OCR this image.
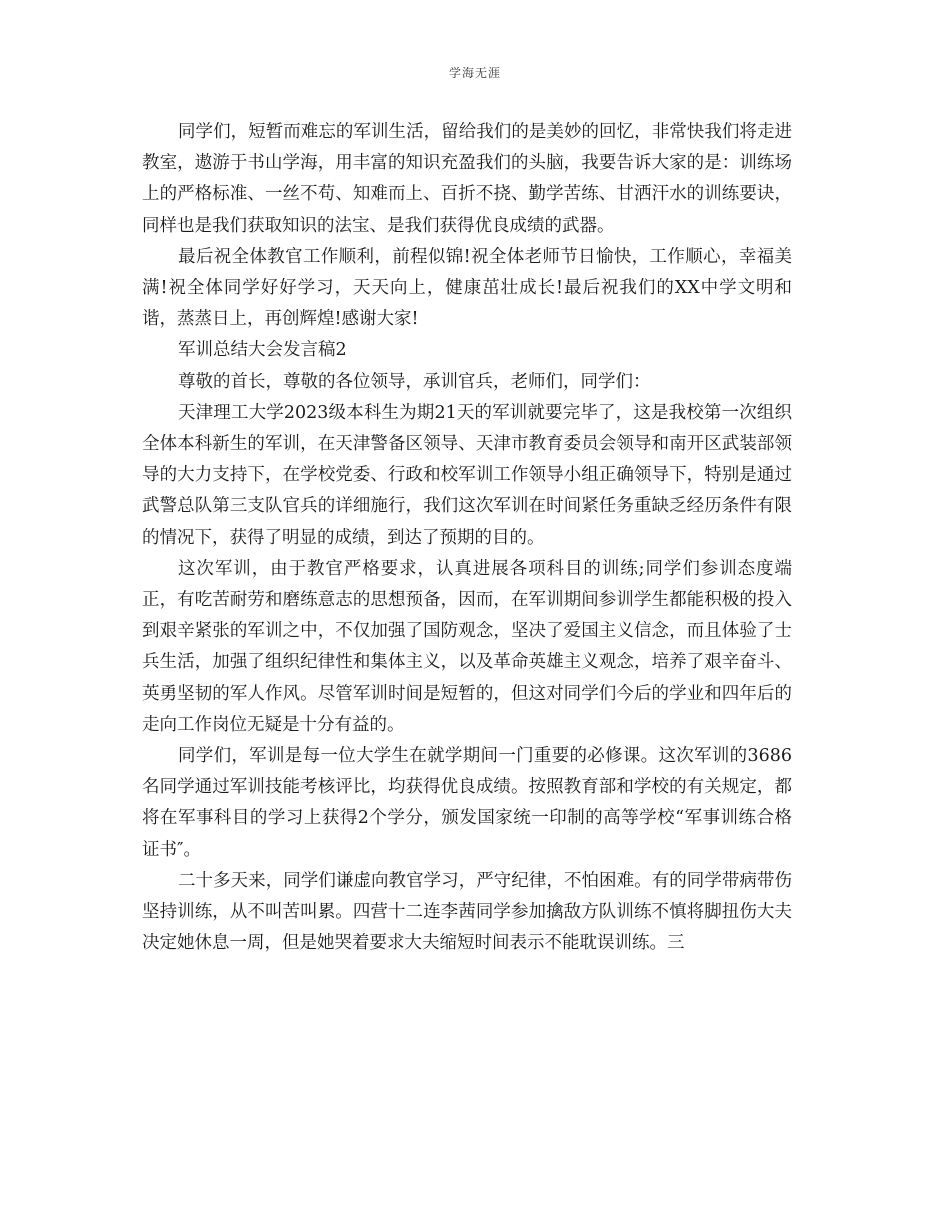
学海无涯

同学们，短暂而难忘的军训生活，留给我们的是美妙的回忆，非常快我们将走进教室，遨游于书山学海，用丰富的知识充盈我们的头脑，我要告诉大家的是：训练场上的严格标准、一丝不苟、知难而上、百折不挠、勤学苦练、甘洒汗水的训练要诀，同样也是我们获取知识的法宝、是我们获得优良成绩的武器。

最后祝全体教官工作顺利，前程似锦!祝全体老师节日愉快，工作顺心，幸福美满!祝全体同学好好学习，天天向上，健康茁壮成长!最后祝我们的XX中学文明和谐，蒸蒸日上，再创辉煌!感谢大家!

军训总结大会发言稿2

尊敬的首长，尊敬的各位领导，承训官兵，老师们，同学们：

天津理工大学2023级本科生为期21天的军训就要完毕了，这是我校第一次组织全体本科新生的军训，在天津警备区领导、天津市教育委员会领导和南开区武装部领导的大力支持下，在学校党委、行政和校军训工作领导小组正确领导下，特别是通过武警总队第三支队官兵的详细施行，我们这次军训在时间紧任务重缺乏经历条件有限的情况下，获得了明显的成绩，到达了预期的目的。

这次军训，由于教官严格要求，认真进展各项科目的训练;同学们参训态度端正，有吃苦耐劳和磨练意志的思想预备，因而，在军训期间参训学生都能积极的投入到艰辛紧张的军训之中，不仅加强了国防观念，坚决了爱国主义信念，而且体验了士兵生活，加强了组织纪律性和集体主义，以及革命英雄主义观念，培养了艰辛奋斗、英勇坚韧的军人作风。尽管军训时间是短暂的，但这对同学们今后的学业和四年后的走向工作岗位无疑是十分有益的。

同学们，军训是每一位大学生在就学期间一门重要的必修课。这次军训的3686名同学通过军训技能考核评比，均获得优良成绩。按照教育部和学校的有关规定，都将在军事科目的学习上获得2个学分，颁发国家统一印制的高等学校“军事训练合格证书″。

二十多天来，同学们谦虚向教官学习，严守纪律，不怕困难。有的同学带病带伤坚持训练，从不叫苦叫累。四营十二连李茜同学参加擒敌方队训练不慎将脚扭伤大夫决定她休息一周，但是她哭着要求大夫缩短时间表示不能耽误训练。三
